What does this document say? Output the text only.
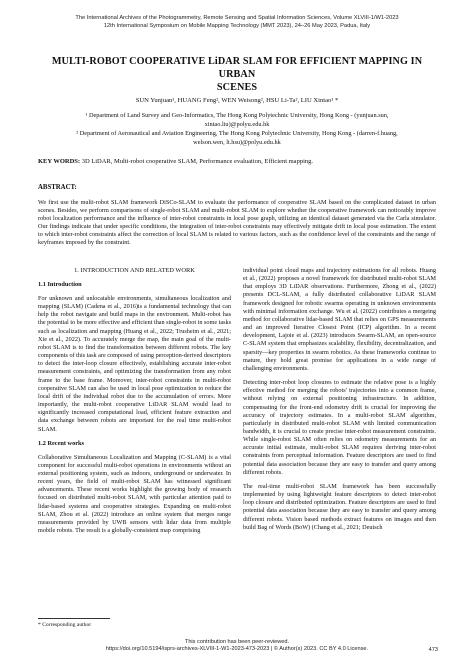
The International Archives of the Photogrammetry, Remote Sensing and Spatial Information Sciences, Volume XLVIII-1/W1-2023
12th International Symposium on Mobile Mapping Technology (MMT 2023), 24–26 May 2023, Padua, Italy
MULTI-ROBOT COOPERATIVE LiDAR SLAM FOR EFFICIENT MAPPING IN URBAN
SCENES
SUN Yunjuan¹, HUANG Feng², WEN Weisong², HSU Li-Ta², LIU Xintao¹ *
¹ Department of Land Survey and Geo-Informatics, The Hong Kong Polytechnic University, Hong Kong - (yunjuan.sun,
xintao.liu)@polyu.edu.hk
² Department of Aeronautical and Aviation Engineering, The Hong Kong Polytechnic University, Hong Kong - (darren-f.huang,
welson.wen, lt.hsu)@polyu.edu.hk
KEY WORDS: 3D LiDAR, Multi-robot cooperative SLAM, Performance evaluation, Efficient mapping.
ABSTRACT:
We first use the multi-robot SLAM framework DiSCo-SLAM to evaluate the performance of cooperative SLAM based on the complicated dataset in urban scenes. Besides, we perform comparisons of single-robot SLAM and multi-robot SLAM to explore whether the cooperative framework can noticeably improve robot localization performance and the influence of inter-robot constraints in local pose graph, utilizing an identical dataset generated via the Carla simulator. Our findings indicate that under specific conditions, the integration of inter-robot constraints may effectively mitigate drift in local pose estimation. The extent to which inter-robot constraints affect the correction of local SLAM is related to various factors, such as the confidence level of the constraints and the range of keyframes imposed by the constraint.
1. INTRODUCTION AND RELATED WORK
1.1 Introduction

For unknown and unlocatable environments, simultaneous localization and mapping (SLAM) (Cadena et al., 2016)is a fundamental technology that can help the robot navigate and build maps in the environment. Multi-robot has the potential to be more effective and efficient than single-robot in some tasks such as localization and mapping (Huang et al., 2022; Trusheim et al., 2021; Xie et al., 2022). To accurately merge the map, the main goal of the multi-robot SLAM is to find the transformation between different robots. The key components of this task are composed of using perception-derived descriptors to detect the inter-loop closure effectively, establishing accurate inter-robot measurement constraints, and optimizing the transformation from any robot frame to the base frame. Moreover, inter-robot constraints in multi-robot cooperative SLAM can also be used in local pose optimization to reduce the local drift of the individual robot due to the accumulation of errors. More importantly, the multi-robot cooperative LiDAR SLAM would lead to significantly increased computational load, efficient feature extraction and data exchange between robots are important for the real time multi-robot SLAM.

1.2 Recent works

Collaborative Simultaneous Localization and Mapping (C-SLAM) is a vital component for successful multi-robot operations in environments without an external positioning system, such as indoors, underground or underwater. In recent years, the field of multi-robot SLAM has witnessed significant advancements. These recent works highlight the growing body of research focused on distributed multi-robot SLAM, with particular attention paid to lidar-based systems and cooperative strategies. Expanding on multi-robot SLAM, Zhou et al. (2022) introduce an online system that merges range measurements provided by UWB sensors with lidar data from multiple mobile robots. The result is a globally-consistent map comprising

individual point cloud maps and trajectory estimations for all robots. Huang et al., (2022) proposes a novel framework for distributed multi-robot SLAM that employs 3D LiDAR observations. Furthermore, Zhong et al., (2022) presents DCL-SLAM, a fully distributed collaborative LiDAR SLAM framework designed for robotic swarms operating in unknown environments with minimal information exchange. Wu et al. (2022) contributes a mergeing method for collaborative lidar-based SLAM that relies on GPS measurements and an improved Iterative Closest Point (ICP) algorithm. In a recent development, Lajoie et al. (2023) introduces Swarm-SLAM, an open-source C-SLAM system that emphasizes scalability, flexibility, decentralization, and sparsity—key properties in swarm robotics. As these frameworks continue to mature, they hold great promise for applications in a wide range of challenging environments.

Detecting inter-robot loop closures to estimate the relative pose is a highly effective method for merging the robots' trajectories into a common frame, without relying on external positioning infrastructure. In addition, compensating for the front-end odometry drift is crucial for improving the accuracy of trajectory estimates. In a multi-robot SLAM algorithm, particularly in distributed multi-robot SLAM with limited communication bandwidth, it is crucial to create precise inter-robot measurement constraints. While single-robot SLAM often relies on odometry measurements for an accurate initial estimate, multi-robot SLAM requires deriving inter-robot constraints from perceptual information. Feature descriptors are used to find potential data association because they are easy to transfer and query among different robots.

The real-time multi-robot SLAM framework has been successfully implemented by using lightweight feature descriptors to detect inter-robot loop closure and distributed optimization. Feature descriptors are used to find potential data association because they are easy to transfer and query among different robots. Vision based methods extract features on images and then build Bag of Words (BoW) (Chang et al., 2021; Deutsch

* Corresponding author
This contribution has been peer-reviewed.
https://doi.org/10.5194/isprs-archives-XLVIII-1-W1-2023-473-2023 | © Author(s) 2023. CC BY 4.0 License.	473
